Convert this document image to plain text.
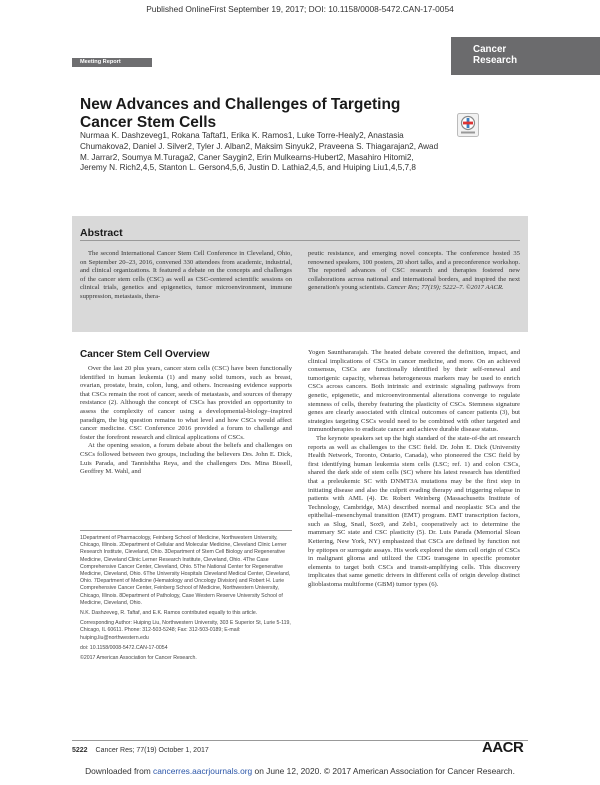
Published OnlineFirst September 19, 2017; DOI: 10.1158/0008-5472.CAN-17-0054
Meeting Report
Cancer
Research
New Advances and Challenges of Targeting Cancer Stem Cells
Nurmaa K. Dashzeveg1, Rokana Taftaf1, Erika K. Ramos1, Luke Torre-Healy2, Anastasia Chumakova2, Daniel J. Silver2, Tyler J. Alban2, Maksim Sinyuk2, Praveena S. Thiagarajan2, Awad M. Jarrar2, Soumya M.Turaga2, Caner Saygin2, Erin Mulkearns-Hubert2, Masahiro Hitomi2, Jeremy N. Rich2,4,5, Stanton L. Gerson4,5,6, Justin D. Lathia2,4,5, and Huiping Liu1,4,5,7,8
Abstract

The second International Cancer Stem Cell Conference in Cleveland, Ohio, on September 20–23, 2016, convened 330 attendees from academic, industrial, and clinical organizations. It featured a debate on the concepts and challenges of the cancer stem cells (CSC) as well as CSC-centered scientific sessions on clinical trials, genetics and epigenetics, tumor microenvironment, immune suppression, metastasis, thera-

peutic resistance, and emerging novel concepts. The conference hosted 35 renowned speakers, 100 posters, 20 short talks, and a preconference workshop. The reported advances of CSC research and therapies fostered new collaborations across national and international borders, and inspired the next generation's young scientists. Cancer Res; 77(19); 5222–7. ©2017 AACR.
Cancer Stem Cell Overview

Over the last 20 plus years, cancer stem cells (CSC) have been functionally identified in human leukemia (1) and many solid tumors, such as breast, ovarian, prostate, brain, colon, lung, and others. Increasing evidence supports that CSCs remain the root of cancer, seeds of metastasis, and sources of therapy resistance (2). Although the concept of CSCs has provided an opportunity to assess the complexity of cancer using a developmental-biology–inspired paradigm, the big question remains to what level and how CSCs would affect cancer medicine. CSC Conference 2016 provided a forum to challenge and foster the forefront research and clinical applications of CSCs.

At the opening session, a forum debate about the beliefs and challenges on CSCs followed between two groups, including the believers Drs. John E. Dick, Luis Parada, and Tannishtha Reya, and the challengers Drs. Mina Bissell, Geoffrey M. Wahl, and

Yogen Saunthararajah. The heated debate covered the definition, impact, and clinical implications of CSCs in cancer medicine, and more. On an achieved consensus, CSCs are functionally identified by their self-renewal and tumorigenic capacity, whereas heterogeneous markers may be used to enrich CSCs across cancers. Both intrinsic and extrinsic signaling pathways from genetic, epigenetic, and microenvironmental alterations converge to regulate stemness of cells, thereby featuring the plasticity of CSCs. Stemness signature genes are clearly associated with clinical outcomes of cancer patients (3), but strategies targeting CSCs would need to be combined with other targeted and immunotherapies to eradicate cancer and achieve durable disease status.

The keynote speakers set up the high standard of the state-of-the art research reports as well as challenges to the CSC field. Dr. John E. Dick (University Health Network, Toronto, Ontario, Canada), who pioneered the CSC field by first identifying human leukemia stem cells (LSC; ref. 1) and colon CSCs, shared the dark side of stem cells (SC) where his latest research has identified that a preleukemic SC with DNMT3A mutations may be the first step in initiating disease and also the culprit evading therapy and triggering relapse in patients with AML (4). Dr. Robert Weinberg (Massachusetts Institute of Technology, Cambridge, MA) described normal and neoplastic SCs and the epithelial–mesenchymal transition (EMT) program. EMT transcription factors, such as Slug, Snail, Sox9, and Zeb1, cooperatively act to determine the mammary SC state and CSC plasticity (5). Dr. Luis Parada (Memorial Sloan Kettering, New York, NY) emphasized that CSCs are defined by function not by epitopes or surrogate assays. His work explored the stem cell origin of CSCs in malignant glioma and utilized the CDG transgene in specific promoter elements to target both CSCs and transit-amplifying cells. This discovery implicates that same genetic drivers in different cells of origin develop distinct glioblastoma multiforme (GBM) tumor types (6).

1Department of Pharmacology, Feinberg School of Medicine, Northwestern University, Chicago, Illinois. 2Department of Cellular and Molecular Medicine, Cleveland Clinic Lerner Research Institute, Cleveland, Ohio. 3Department of Stem Cell Biology and Regenerative Medicine, Cleveland Clinic Lerner Research Institute, Cleveland, Ohio. 4The Case Comprehensive Cancer Center, Cleveland, Ohio. 5The National Center for Regenerative Medicine, Cleveland, Ohio. 6The University Hospitals Cleveland Medical Center, Cleveland, Ohio. 7Department of Medicine (Hematology and Oncology Division) and Robert H. Lurie Comprehensive Cancer Center, Feinberg School of Medicine, Northwestern University, Chicago, Illinois. 8Department of Pathology, Case Western Reserve University School of Medicine, Cleveland, Ohio.

N.K. Dashzeveg, R. Taftaf, and E.K. Ramos contributed equally to this article.

Corresponding Author: Huiping Liu, Northwestern University, 303 E Superior St, Lurie 5-119, Chicago, IL 60611. Phone: 312-503-5248; Fax: 312-503-0189; E-mail: huiping.liu@northwestern.edu

doi: 10.1158/0008-5472.CAN-17-0054

©2017 American Association for Cancer Research.

5222 Cancer Res; 77(19) October 1, 2017	AACR
Downloaded from cancerres.aacrjournals.org on June 12, 2020. © 2017 American Association for Cancer Research.
